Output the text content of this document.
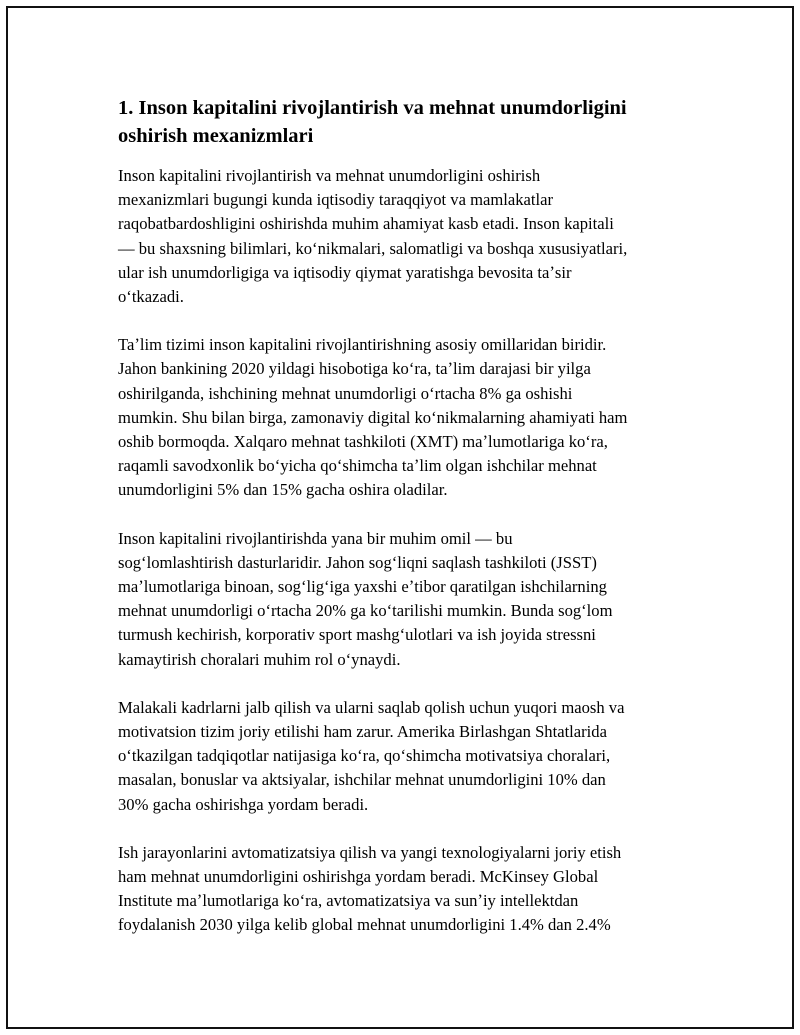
1. Inson kapitalini rivojlantirish va mehnat unumdorligini
oshirish mexanizmlari

Inson kapitalini rivojlantirish va mehnat unumdorligini oshirish
mexanizmlari bugungi kunda iqtisodiy taraqqiyot va mamlakatlar
raqobatbardoshligini oshirishda muhim ahamiyat kasb etadi. Inson kapitali
— bu shaxsning bilimlari, koʻnikmalari, salomatligi va boshqa xususiyatlari,
ular ish unumdorligiga va iqtisodiy qiymat yaratishga bevosita taʼsir
oʻtkazadi.

Taʼlim tizimi inson kapitalini rivojlantirishning asosiy omillaridan biridir.
Jahon bankining 2020 yildagi hisobotiga koʻra, taʼlim darajasi bir yilga
oshirilganda, ishchining mehnat unumdorligi oʻrtacha 8% ga oshishi
mumkin. Shu bilan birga, zamonaviy digital koʻnikmalarning ahamiyati ham
oshib bormoqda. Xalqaro mehnat tashkiloti (XMT) maʼlumotlariga koʻra,
raqamli savodxonlik boʻyicha qoʻshimcha taʼlim olgan ishchilar mehnat
unumdorligini 5% dan 15% gacha oshira oladilar.

Inson kapitalini rivojlantirishda yana bir muhim omil — bu
sogʻlomlashtirish dasturlaridir. Jahon sogʻliqni saqlash tashkiloti (JSST)
maʼlumotlariga binoan, sogʻligʻiga yaxshi eʼtibor qaratilgan ishchilarning
mehnat unumdorligi oʻrtacha 20% ga koʻtarilishi mumkin. Bunda sogʻlom
turmush kechirish, korporativ sport mashgʻulotlari va ish joyida stressni
kamaytirish choralari muhim rol oʻynaydi.

Malakali kadrlarni jalb qilish va ularni saqlab qolish uchun yuqori maosh va
motivatsion tizim joriy etilishi ham zarur. Amerika Birlashgan Shtatlarida
oʻtkazilgan tadqiqotlar natijasiga koʻra, qoʻshimcha motivatsiya choralari,
masalan, bonuslar va aktsiyalar, ishchilar mehnat unumdorligini 10% dan
30% gacha oshirishga yordam beradi.

Ish jarayonlarini avtomatizatsiya qilish va yangi texnologiyalarni joriy etish
ham mehnat unumdorligini oshirishga yordam beradi. McKinsey Global
Institute maʼlumotlariga koʻra, avtomatizatsiya va sunʼiy intellektdan
foydalanish 2030 yilga kelib global mehnat unumdorligini 1.4% dan 2.4%
